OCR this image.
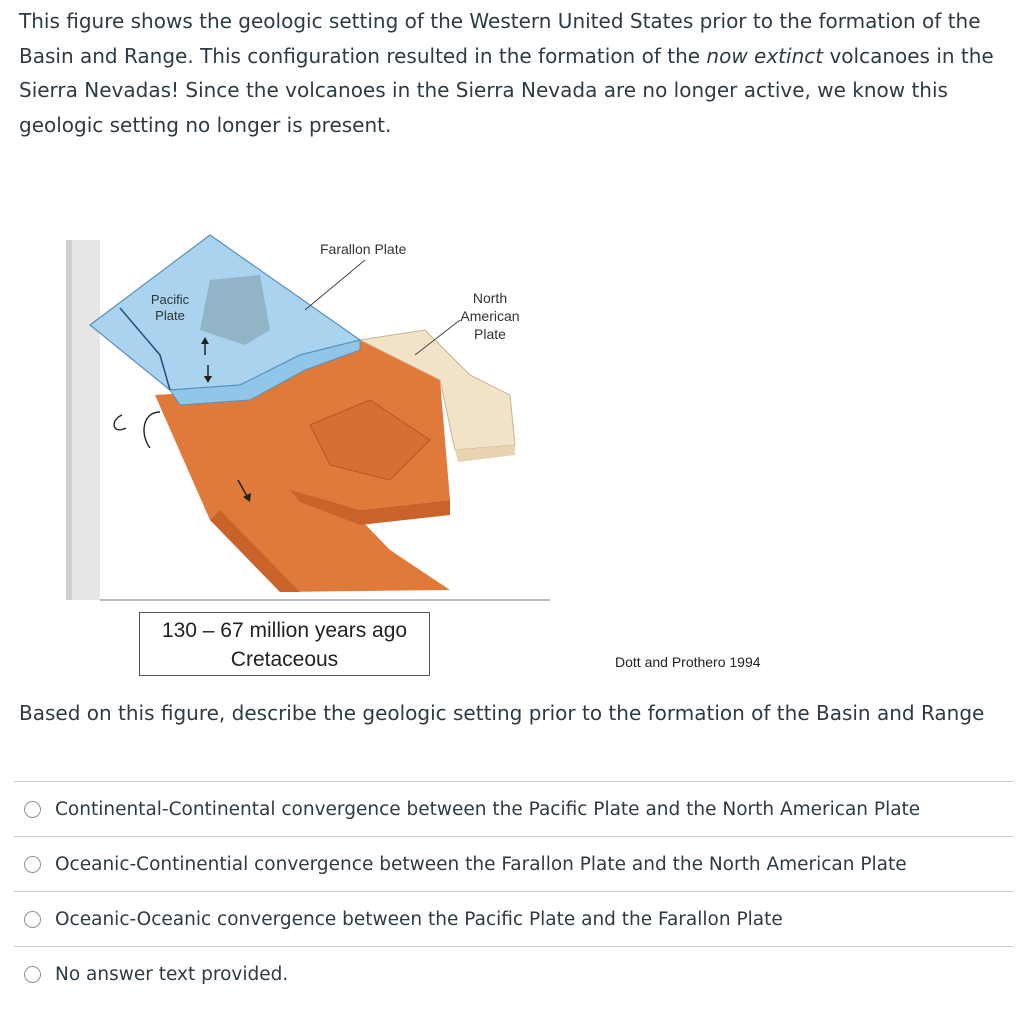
This figure shows the geologic setting of the Western United States prior to the formation of the Basin and Range. This configuration resulted in the formation of the now extinct volcanoes in the Sierra Nevadas! Since the volcanoes in the Sierra Nevada are no longer active, we know this geologic setting no longer is present.

Farallon Plate
Pacific
Plate
North
American
Plate
130 – 67 million years ago
Cretaceous	Dott and Prothero 1994

Based on this figure, describe the geologic setting prior to the formation of the Basin and Range

Continental-Continental convergence between the Pacific Plate and the North American Plate
Oceanic-Continential convergence between the Farallon Plate and the North American Plate
Oceanic-Oceanic convergence between the Pacific Plate and the Farallon Plate
No answer text provided.
